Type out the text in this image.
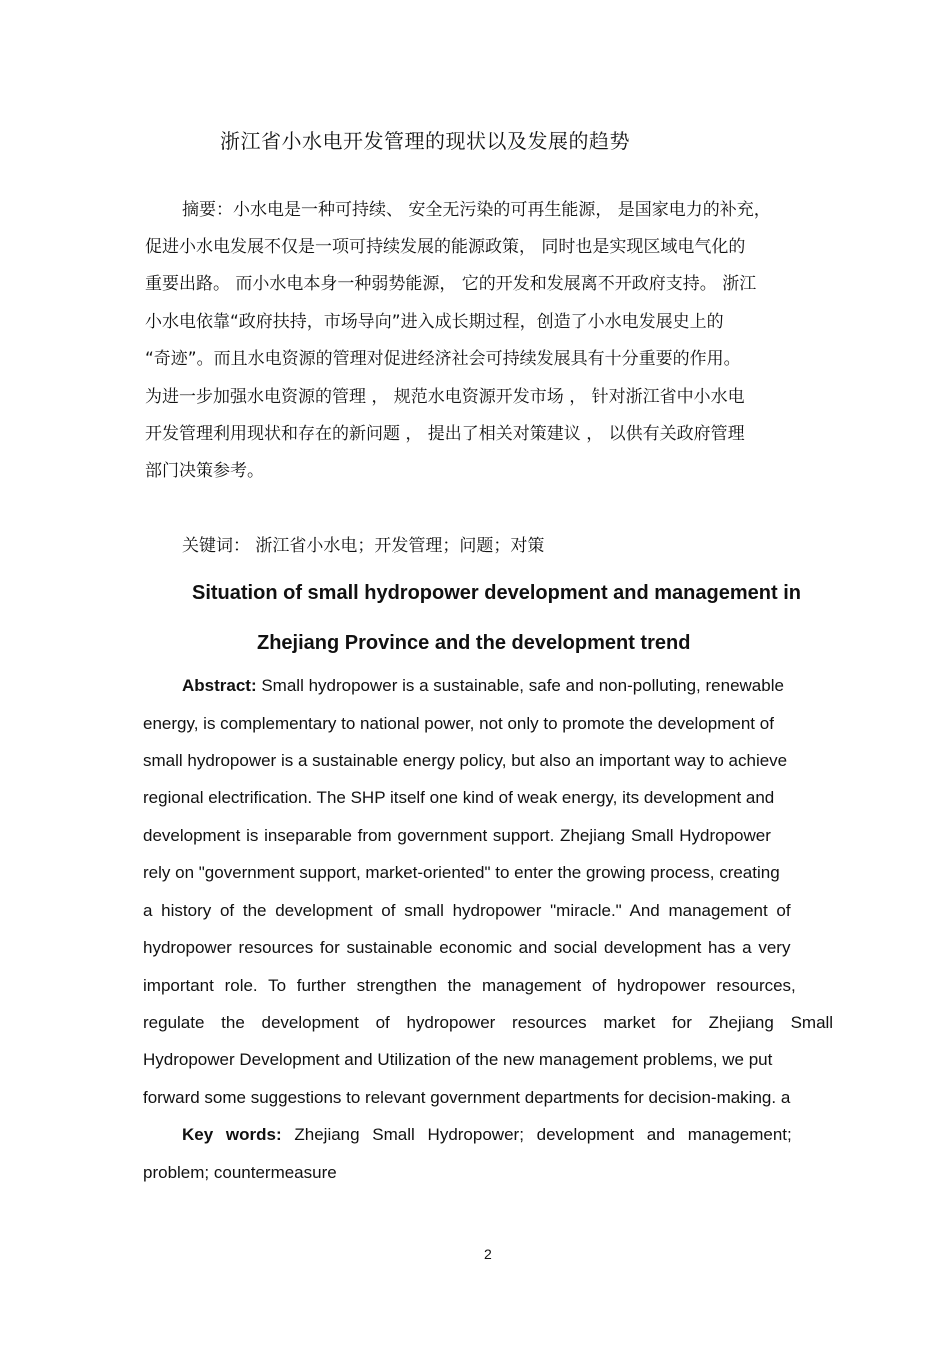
浙江省小水电开发管理的现状以及发展的趋势
摘要：小水电是一种可持续、 安全无污染的可再生能源， 是国家电力的补充，
促进小水电发展不仅是一项可持续发展的能源政策， 同时也是实现区域电气化的
重要出路。 而小水电本身一种弱势能源， 它的开发和发展离不开政府支持。 浙江
小水电依靠“政府扶持，市场导向”进入成长期过程，创造了小水电发展史上的
“奇迹”。而且水电资源的管理对促进经济社会可持续发展具有十分重要的作用。
为进一步加强水电资源的管理 ， 规范水电资源开发市场 ， 针对浙江省中小水电
开发管理利用现状和存在的新问题 ， 提出了相关对策建议 ， 以供有关政府管理
部门决策参考。
关键词： 浙江省小水电；开发管理；问题；对策
Situation of small hydropower development and management in
Zhejiang Province and the development trend
Abstract: Small hydropower is a sustainable, safe and non-polluting, renewable
energy, is complementary to national power, not only to promote the development of
small hydropower is a sustainable energy policy, but also an important way to achieve
regional electrification. The SHP itself one kind of weak energy, its development and
development is inseparable from government support. Zhejiang Small Hydropower
rely on "government support, market-oriented" to enter the growing process, creating
a history of the development of small hydropower "miracle." And management of
hydropower resources for sustainable economic and social development has a very
important role. To further strengthen the management of hydropower resources,
regulate the development of hydropower resources market for Zhejiang Small
Hydropower Development and Utilization of the new management problems, we put
forward some suggestions to relevant government departments for decision-making. a
Key words: Zhejiang Small Hydropower; development and management;
problem; countermeasure
2
